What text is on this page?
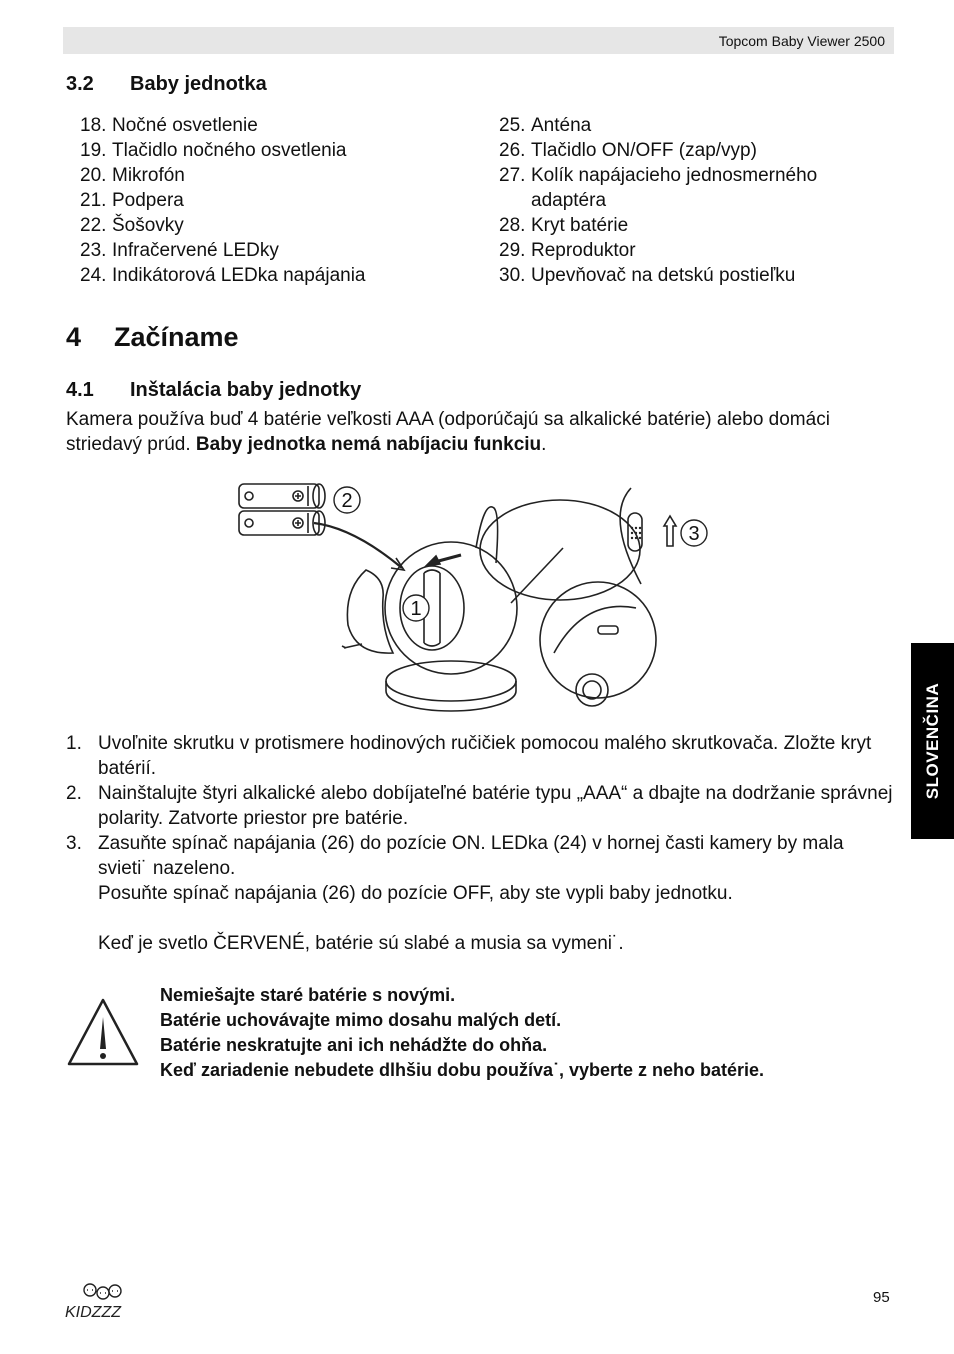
Topcom Baby Viewer 2500
3.2 Baby jednotka
18. Nočné osvetlenie
19. Tlačidlo nočného osvetlenia
20. Mikrofón
21. Podpera
22. Šošovky
23. Infračervené LEDky
24. Indikátorová LEDka napájania
25. Anténa
26. Tlačidlo ON/OFF (zap/vyp)
27. Kolík napájacieho jednosmerného
adaptéra
28. Kryt batérie
29. Reproduktor
30. Upevňovač na detskú postieľku
4 Začíname
4.1 Inštalácia baby jednotky
Kamera používa buď 4 batérie veľkosti AAA (odporúčajú sa alkalické batérie) alebo domáci striedavý prúd. Baby jednotka nemá nabíjaciu funkciu.
1
2
3
1. Uvoľnite skrutku v protismere hodinových ručičiek pomocou malého skrutkovača. Zložte kryt batérií.
2. Nainštalujte štyri alkalické alebo dobíjateľné batérie typu „AAA“ a dbajte na dodržanie správnej polarity. Zatvorte priestor pre batérie.
3. Zasuňte spínač napájania (26) do pozície ON. LEDka (24) v hornej časti kamery by mala svieti˙ nazeleno.
Posuňte spínač napájania (26) do pozície OFF, aby ste vypli baby jednotku.
Keď je svetlo ČERVENÉ, batérie sú slabé a musia sa vymeni˙.
Nemiešajte staré batérie s novými.
Batérie uchovávajte mimo dosahu malých detí.
Batérie neskratujte ani ich nehádžte do ohňa.
Keď zariadenie nebudete dlhšiu dobu používa˙, vyberte z neho batérie.
SLOVENČINA
KIDZZZ
95
